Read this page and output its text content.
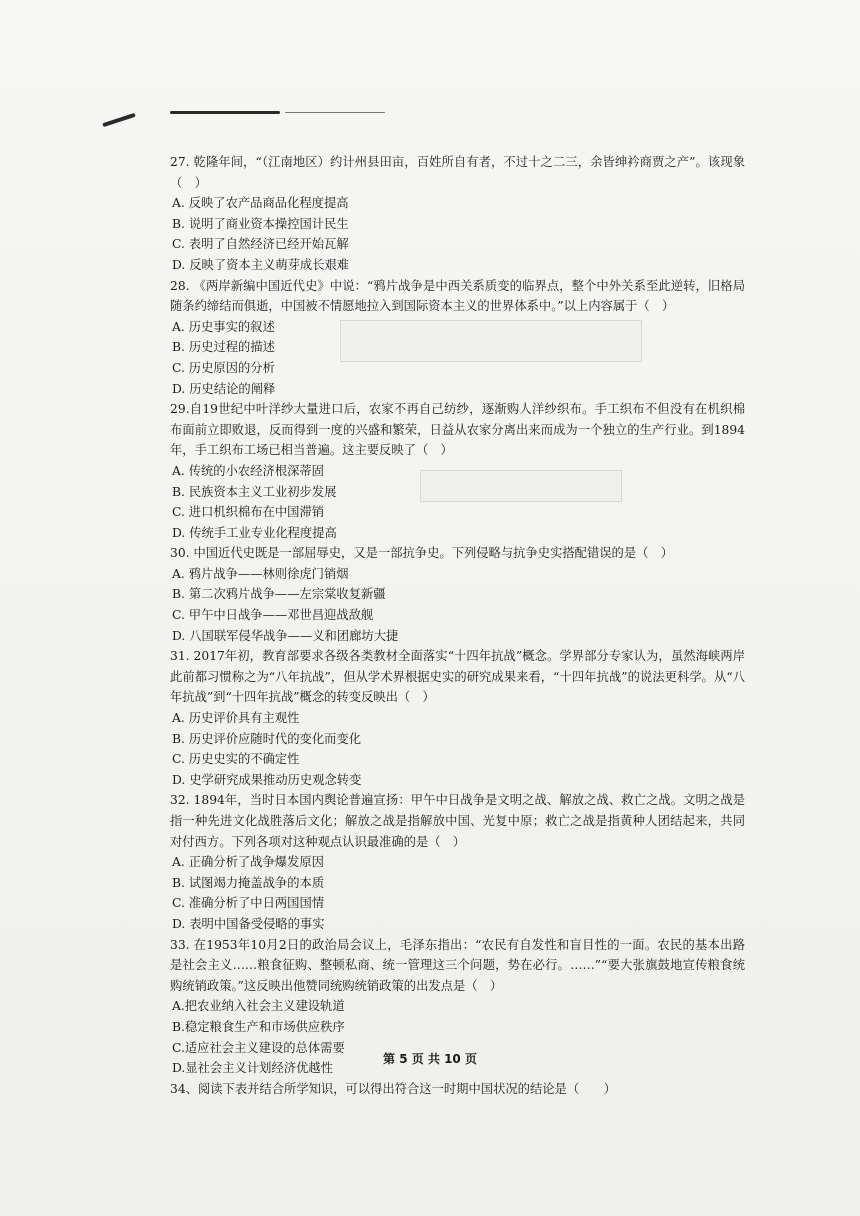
27. 乾隆年间，“（江南地区）约计州县田亩，百姓所自有者，不过十之二三，余皆绅衿商贾之产”。该现象（　）
A. 反映了农产品商品化程度提高
B. 说明了商业资本操控国计民生
C. 表明了自然经济已经开始瓦解
D. 反映了资本主义萌芽成长艰难
28. 《两岸新编中国近代史》中说：“鸦片战争是中西关系质变的临界点，整个中外关系至此逆转，旧格局随条约缔结而俱逝，中国被不情愿地拉入到国际资本主义的世界体系中。”以上内容属于（　）
A. 历史事实的叙述
B. 历史过程的描述
C. 历史原因的分析
D. 历史结论的阐释
29.自19世纪中叶洋纱大量进口后，农家不再自己纺纱，逐渐购人洋纱织布。手工织布不但没有在机织棉布面前立即败退，反而得到一度的兴盛和繁荣，日益从农家分离出来而成为一个独立的生产行业。到1894年，手工织布工场已相当普遍。这主要反映了（　）
A. 传统的小农经济根深蒂固
B. 民族资本主义工业初步发展
C. 进口机织棉布在中国滞销
D. 传统手工业专业化程度提高
30. 中国近代史既是一部屈辱史，又是一部抗争史。下列侵略与抗争史实搭配错误的是（　）
A. 鸦片战争——林则徐虎门销烟
B. 第二次鸦片战争——左宗棠收复新疆
C. 甲午中日战争——邓世昌迎战敌舰
D. 八国联军侵华战争——义和团廊坊大捷
31. 2017年初，教育部要求各级各类教材全面落实“十四年抗战”概念。学界部分专家认为，虽然海峡两岸此前都习惯称之为“八年抗战”，但从学术界根据史实的研究成果来看，“十四年抗战”的说法更科学。从“八年抗战”到“十四年抗战”概念的转变反映出（　）
A. 历史评价具有主观性
B. 历史评价应随时代的变化而变化
C. 历史史实的不确定性
D. 史学研究成果推动历史观念转变
32. 1894年，当时日本国内舆论普遍宣扬：甲午中日战争是文明之战、解放之战、救亡之战。文明之战是指一种先进文化战胜落后文化；解放之战是指解放中国、光复中原；救亡之战是指黄种人团结起来，共同对付西方。下列各项对这种观点认识最准确的是（　）
A. 正确分析了战争爆发原因
B. 试图竭力掩盖战争的本质
C. 准确分析了中日两国国情
D. 表明中国备受侵略的事实
33. 在1953年10月2日的政治局会议上，毛泽东指出：“农民有自发性和盲目性的一面。农民的基本出路是社会主义……粮食征购、整顿私商、统一管理这三个问题，势在必行。……”“要大张旗鼓地宣传粮食统购统销政策。”这反映出他赞同统购统销政策的出发点是（　）
A.把农业纳入社会主义建设轨道
B.稳定粮食生产和市场供应秩序
C.适应社会主义建设的总体需要
D.显社会主义计划经济优越性
34、阅读下表并结合所学知识，可以得出符合这一时期中国状况的结论是（　　）
第 5 页 共 10 页
